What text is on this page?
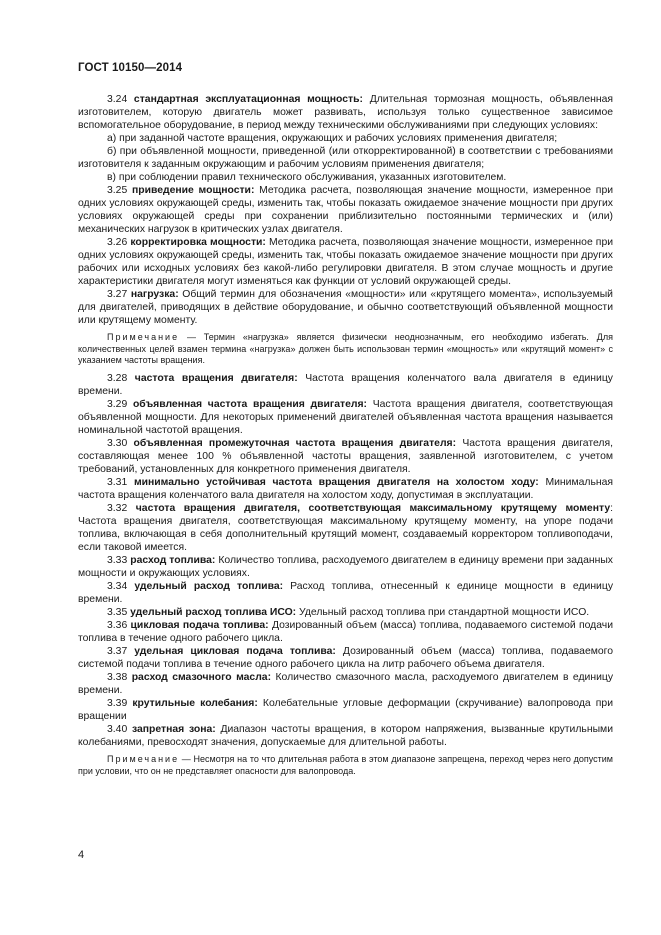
ГОСТ 10150—2014

3.24 стандартная эксплуатационная мощность: Длительная тормозная мощность, объявленная изготовителем, которую двигатель может развивать, используя только существенное зависимое вспомогательное оборудование, в период между техническими обслуживаниями при следующих условиях:

а) при заданной частоте вращения, окружающих и рабочих условиях применения двигателя;

б) при объявленной мощности, приведенной (или откорректированной) в соответствии с требованиями изготовителя к заданным окружающим и рабочим условиям применения двигателя;

в) при соблюдении правил технического обслуживания, указанных изготовителем.

3.25 приведение мощности: Методика расчета, позволяющая значение мощности, измеренное при одних условиях окружающей среды, изменить так, чтобы показать ожидаемое значение мощности при других условиях окружающей среды при сохранении приблизительно постоянными термических и (или) механических нагрузок в критических узлах двигателя.

3.26 корректировка мощности: Методика расчета, позволяющая значение мощности, измеренное при одних условиях окружающей среды, изменить так, чтобы показать ожидаемое значение мощности при других рабочих или исходных условиях без какой-либо регулировки двигателя. В этом случае мощность и другие характеристики двигателя могут изменяться как функции от условий окружающей среды.

3.27 нагрузка: Общий термин для обозначения «мощности» или «крутящего момента», используемый для двигателей, приводящих в действие оборудование, и обычно соответствующий объявленной мощности или крутящему моменту.

Примечание — Термин «нагрузка» является физически неоднозначным, его необходимо избегать. Для количественных целей взамен термина «нагрузка» должен быть использован термин «мощность» или «крутящий момент» с указанием частоты вращения.

3.28 частота вращения двигателя: Частота вращения коленчатого вала двигателя в единицу времени.

3.29 объявленная частота вращения двигателя: Частота вращения двигателя, соответствующая объявленной мощности. Для некоторых применений двигателей объявленная частота вращения называется номинальной частотой вращения.

3.30 объявленная промежуточная частота вращения двигателя: Частота вращения двигателя, составляющая менее 100 % объявленной частоты вращения, заявленной изготовителем, с учетом требований, установленных для конкретного применения двигателя.

3.31 минимально устойчивая частота вращения двигателя на холостом ходу: Минимальная частота вращения коленчатого вала двигателя на холостом ходу, допустимая в эксплуатации.

3.32 частота вращения двигателя, соответствующая максимальному крутящему моменту: Частота вращения двигателя, соответствующая максимальному крутящему моменту, на упоре подачи топлива, включающая в себя дополнительный крутящий момент, создаваемый корректором топливоподачи, если таковой имеется.

3.33 расход топлива: Количество топлива, расходуемого двигателем в единицу времени при заданных мощности и окружающих условиях.

3.34 удельный расход топлива: Расход топлива, отнесенный к единице мощности в единицу времени.

3.35 удельный расход топлива ИСО: Удельный расход топлива при стандартной мощности ИСО.

3.36 цикловая подача топлива: Дозированный объем (масса) топлива, подаваемого системой подачи топлива в течение одного рабочего цикла.

3.37 удельная цикловая подача топлива: Дозированный объем (масса) топлива, подаваемого системой подачи топлива в течение одного рабочего цикла на литр рабочего объема двигателя.

3.38 расход смазочного масла: Количество смазочного масла, расходуемого двигателем в единицу времени.

3.39 крутильные колебания: Колебательные угловые деформации (скручивание) валопровода при вращении

3.40 запретная зона: Диапазон частоты вращения, в котором напряжения, вызванные крутильными колебаниями, превосходят значения, допускаемые для длительной работы.

Примечание — Несмотря на то что длительная работа в этом диапазоне запрещена, переход через него допустим при условии, что он не представляет опасности для валопровода.

4
